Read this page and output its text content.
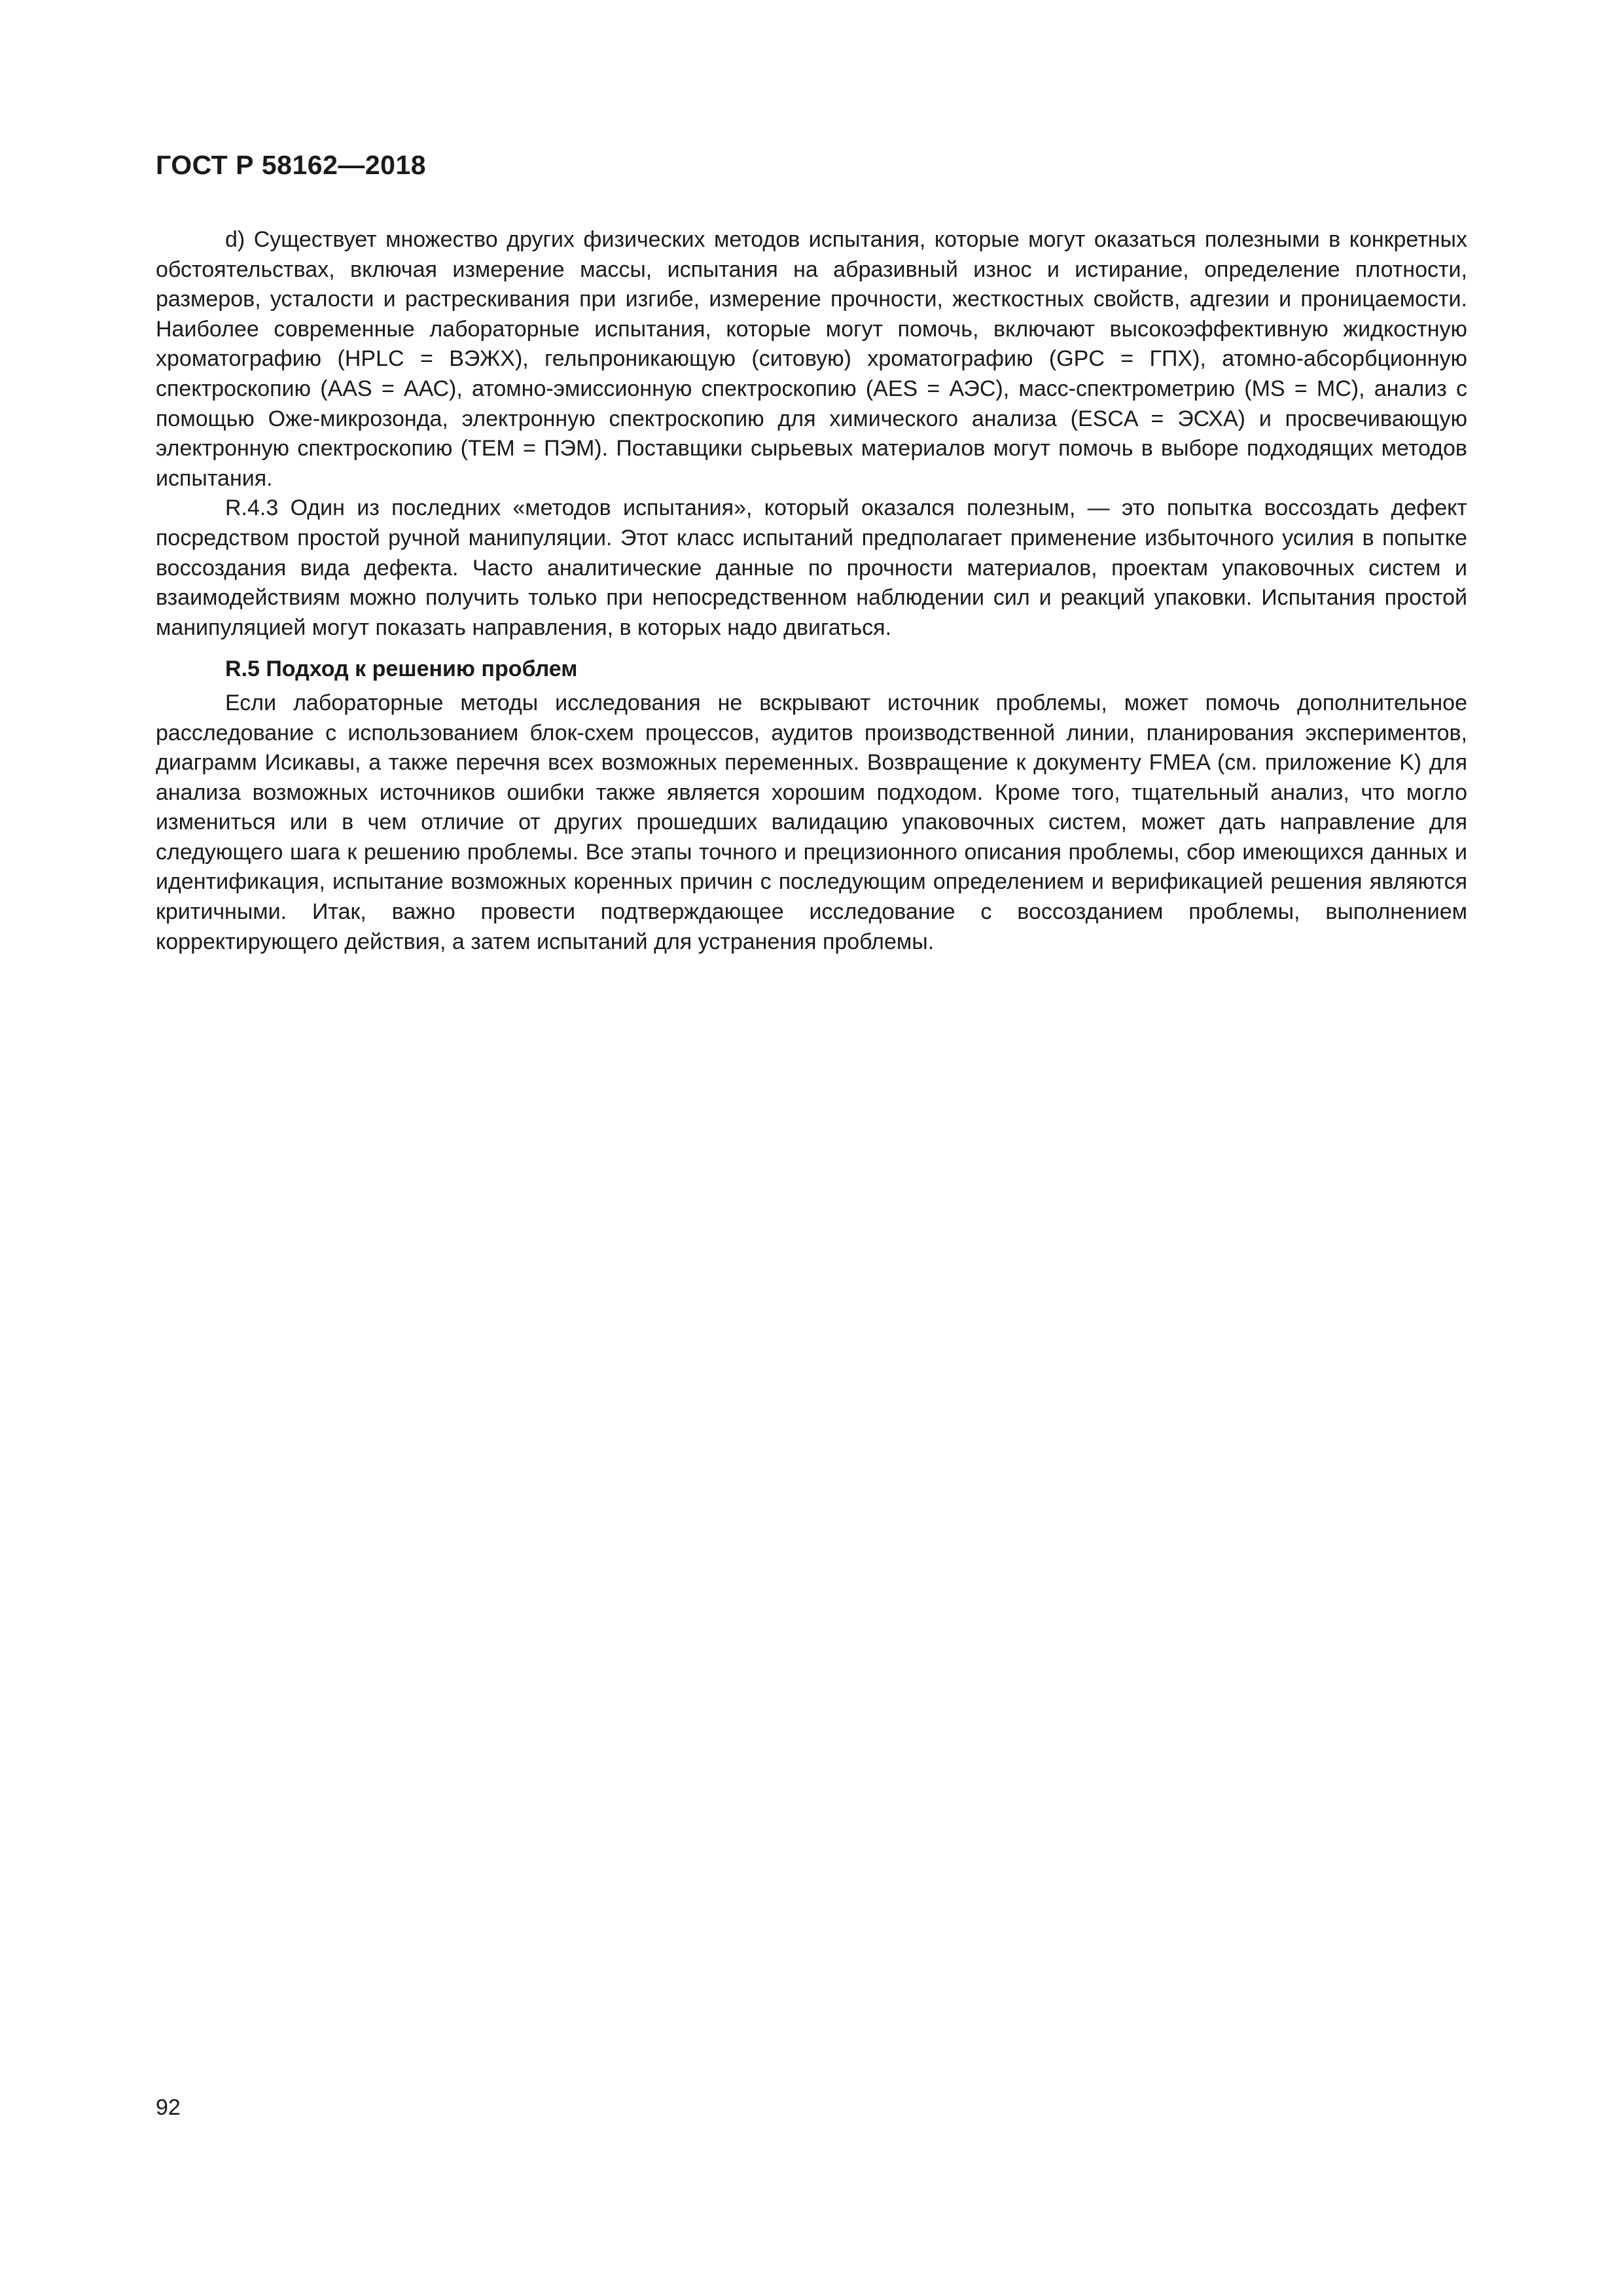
ГОСТ Р 58162—2018

d) Существует множество других физических методов испытания, которые могут оказаться полезными в конкретных обстоятельствах, включая измерение массы, испытания на абразивный износ и истирание, определение плотности, размеров, усталости и растрескивания при изгибе, измерение прочности, жесткостных свойств, адгезии и проницаемости. Наиболее современные лабораторные испытания, которые могут помочь, включают высокоэффективную жидкостную хроматографию (HPLC = ВЭЖХ), гельпроникающую (ситовую) хроматографию (GPC = ГПХ), атомно-абсорбционную спектроскопию (AAS = ААС), атомно-эмиссионную спектроскопию (AES = АЭС), масс-спектрометрию (MS = МС), анализ с помощью Оже-микрозонда, электронную спектроскопию для химического анализа (ESCA = ЭСХА) и просвечивающую электронную спектроскопию (TEM = ПЭМ). Поставщики сырьевых материалов могут помочь в выборе подходящих методов испытания.

R.4.3 Один из последних «методов испытания», который оказался полезным, — это попытка воссоздать дефект посредством простой ручной манипуляции. Этот класс испытаний предполагает применение избыточного усилия в попытке воссоздания вида дефекта. Часто аналитические данные по прочности материалов, проектам упаковочных систем и взаимодействиям можно получить только при непосредственном наблюдении сил и реакций упаковки. Испытания простой манипуляцией могут показать направления, в которых надо двигаться.

R.5 Подход к решению проблем

Если лабораторные методы исследования не вскрывают источник проблемы, может помочь дополнительное расследование с использованием блок-схем процессов, аудитов производственной линии, планирования экспериментов, диаграмм Исикавы, а также перечня всех возможных переменных. Возвращение к документу FMEA (см. приложение K) для анализа возможных источников ошибки также является хорошим подходом. Кроме того, тщательный анализ, что могло измениться или в чем отличие от других прошедших валидацию упаковочных систем, может дать направление для следующего шага к решению проблемы. Все этапы точного и прецизионного описания проблемы, сбор имеющихся данных и идентификация, испытание возможных коренных причин с последующим определением и верификацией решения являются критичными. Итак, важно провести подтверждающее исследование с воссозданием проблемы, выполнением корректирующего действия, а затем испытаний для устранения проблемы.

92
